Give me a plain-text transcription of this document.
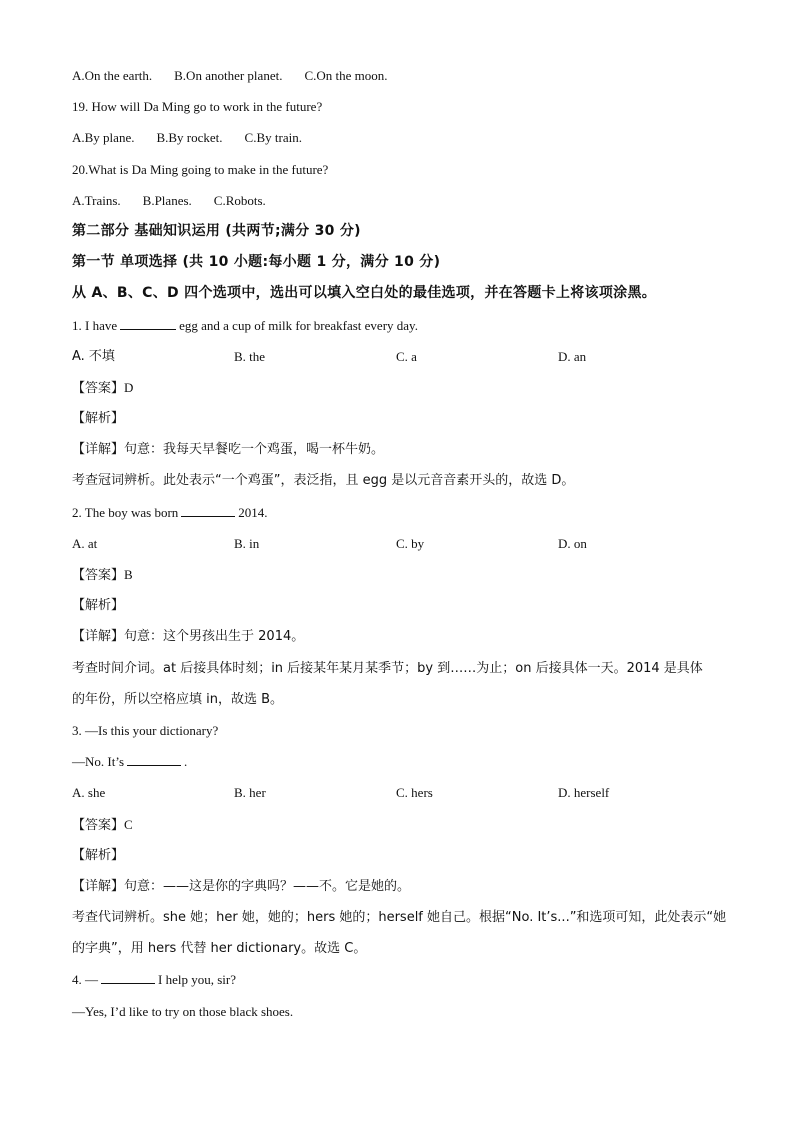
A.On the earth. B.On another planet. C.On the moon.
19. How will Da Ming go to work in the future?
A.By plane. B.By rocket. C.By train.
20.What is Da Ming going to make in the future?
A.Trains. B.Planes. C.Robots.
第二部分 基础知识运用 (共两节;满分 30 分)
第一节 单项选择 (共 10 小题:每小题 1 分，满分 10 分)
从 A、B、C、D 四个选项中，选出可以填入空白处的最佳选项，并在答题卡上将该项涂黑。
1. I have	egg and a cup of milk for breakfast every day.
A. 不填	B. the	C. a	D. an
【答案】D
【解析】
【详解】句意：我每天早餐吃一个鸡蛋，喝一杯牛奶。
考查冠词辨析。此处表示“一个鸡蛋”，表泛指，且 egg 是以元音音素开头的，故选 D。
2. The boy was born	2014.
A. at	B. in	C. by	D. on
【答案】B
【解析】
【详解】句意：这个男孩出生于 2014。
考查时间介词。at 后接具体时刻；in 后接某年某月某季节；by 到……为止；on 后接具体一天。2014 是具体
的年份，所以空格应填 in，故选 B。
3. —Is this your dictionary?
—No. It’s	.
A. she	B. her	C. hers	D. herself
【答案】C
【解析】
【详解】句意：——这是你的字典吗？——不。它是她的。
考查代词辨析。she 她；her 她，她的；hers 她的；herself 她自己。根据“No. It’s...”和选项可知，此处表示“她
的字典”，用 hers 代替 her dictionary。故选 C。
4. —	I help you, sir?
—Yes, I’d like to try on those black shoes.
